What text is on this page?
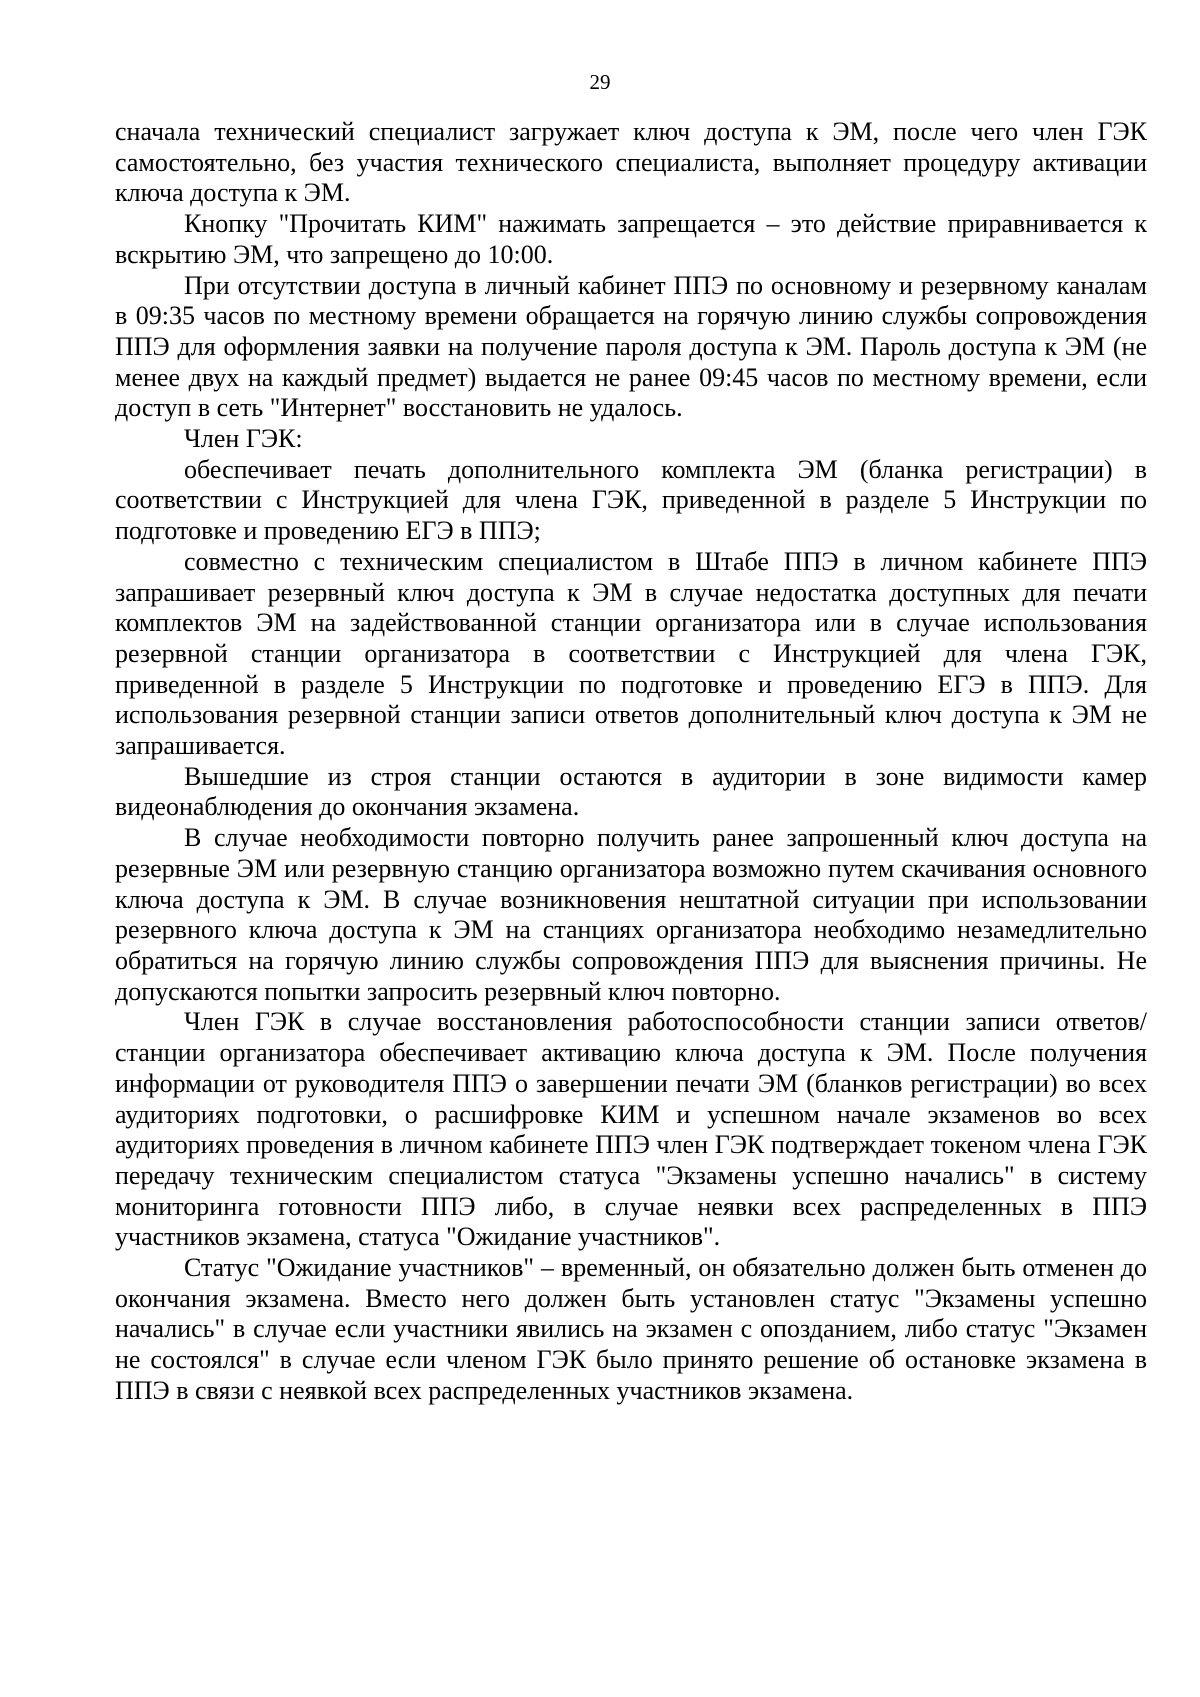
29

сначала технический специалист загружает ключ доступа к ЭМ, после чего член ГЭК самостоятельно, без участия технического специалиста, выполняет процедуру активации ключа доступа к ЭМ.

Кнопку "Прочитать КИМ" нажимать запрещается – это действие приравнивается к вскрытию ЭМ, что запрещено до 10:00.

При отсутствии доступа в личный кабинет ППЭ по основному и резервному каналам в 09:35 часов по местному времени обращается на горячую линию службы сопровождения ППЭ для оформления заявки на получение пароля доступа к ЭМ. Пароль доступа к ЭМ (не менее двух на каждый предмет) выдается не ранее 09:45 часов по местному времени, если доступ в сеть "Интернет" восстановить не удалось.

Член ГЭК:

обеспечивает печать дополнительного комплекта ЭМ (бланка регистрации) в соответствии с Инструкцией для члена ГЭК, приведенной в разделе 5 Инструкции по подготовке и проведению ЕГЭ в ППЭ;

совместно с техническим специалистом в Штабе ППЭ в личном кабинете ППЭ запрашивает резервный ключ доступа к ЭМ в случае недостатка доступных для печати комплектов ЭМ на задействованной станции организатора или в случае использования резервной станции организатора в соответствии с Инструкцией для члена ГЭК, приведенной в разделе 5 Инструкции по подготовке и проведению ЕГЭ в ППЭ. Для использования резервной станции записи ответов дополнительный ключ доступа к ЭМ не запрашивается.

Вышедшие из строя станции остаются в аудитории в зоне видимости камер видеонаблюдения до окончания экзамена.

В случае необходимости повторно получить ранее запрошенный ключ доступа на резервные ЭМ или резервную станцию организатора возможно путем скачивания основного ключа доступа к ЭМ. В случае возникновения нештатной ситуации при использовании резервного ключа доступа к ЭМ на станциях организатора необходимо незамедлительно обратиться на горячую линию службы сопровождения ППЭ для выяснения причины. Не допускаются попытки запросить резервный ключ повторно.

Член ГЭК в случае восстановления работоспособности станции записи ответов/станции организатора обеспечивает активацию ключа доступа к ЭМ. После получения информации от руководителя ППЭ о завершении печати ЭМ (бланков регистрации) во всех аудиториях подготовки, о расшифровке КИМ и успешном начале экзаменов во всех аудиториях проведения в личном кабинете ППЭ член ГЭК подтверждает токеном члена ГЭК передачу техническим специалистом статуса "Экзамены успешно начались" в систему мониторинга готовности ППЭ либо, в случае неявки всех распределенных в ППЭ участников экзамена, статуса "Ожидание участников".

Статус "Ожидание участников" – временный, он обязательно должен быть отменен до окончания экзамена. Вместо него должен быть установлен статус "Экзамены успешно начались" в случае если участники явились на экзамен с опозданием, либо статус "Экзамен не состоялся" в случае если членом ГЭК было принято решение об остановке экзамена в ППЭ в связи с неявкой всех распределенных участников экзамена.
